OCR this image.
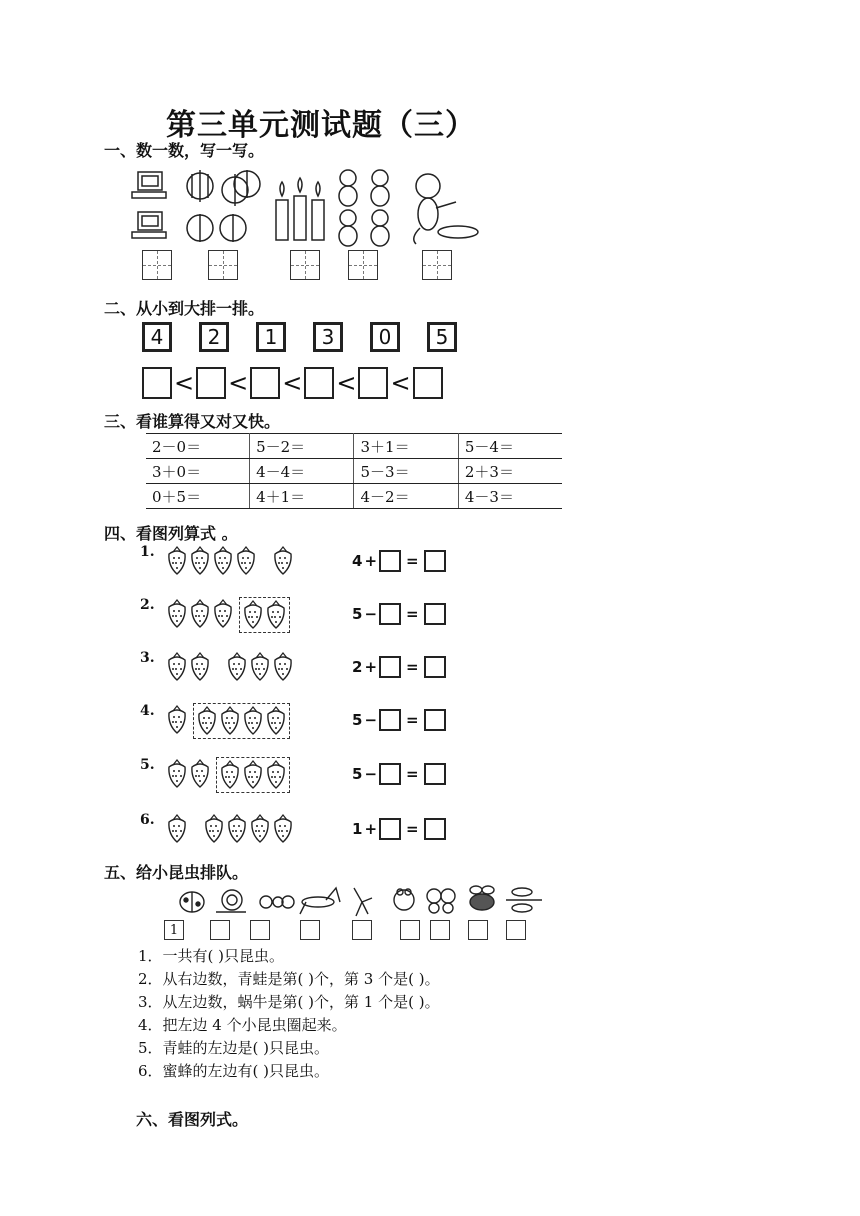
第三单元测试题（三）
一、数一数，写一写。
二、从小到大排一排。
4	2	1	3	0	5
< < < < <
三、看谁算得又对又快。
2－0＝	5－2＝	3＋1＝	5－4＝
3＋0＝	4－4＝	5－3＝	2＋3＝
0＋5＝	4＋1＝	4－2＝	4－3＝
四、看图列算式 。
1.	4 + =
2.	5 − =
3.	2 + =
4.	5 − =
5.	5 − =
6.	1 + =
五、给小昆虫排队。
1
1．一共有( )只昆虫。
2．从右边数，青蛙是第( )个，第 3 个是( )。
3．从左边数，蜗牛是第( )个，第 1 个是( )。
4．把左边 4 个小昆虫圈起来。
5．青蛙的左边是( )只昆虫。
6．蜜蜂的左边有( )只昆虫。
六、看图列式。
